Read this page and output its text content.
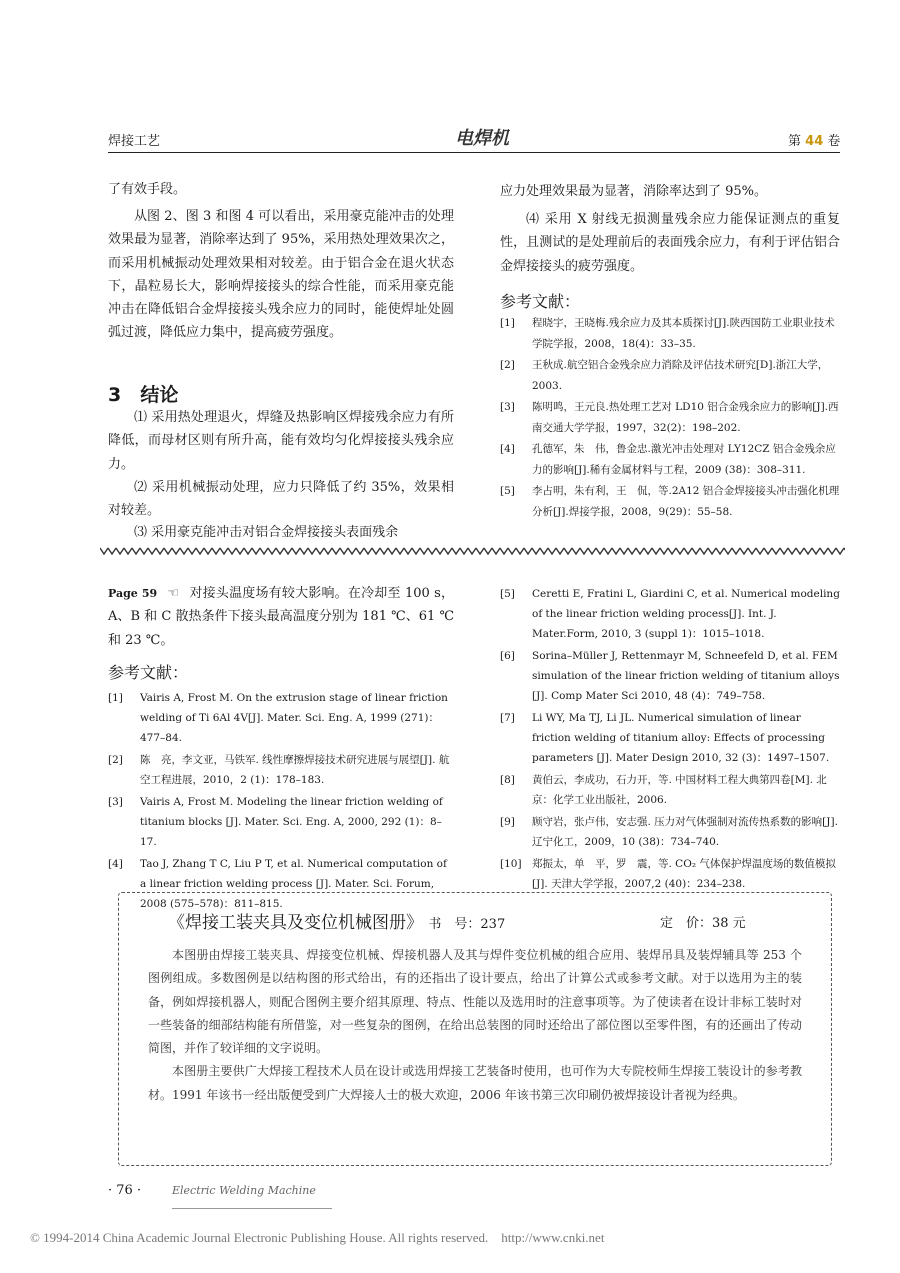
焊接工艺	电焊机	第 44 卷
了有效手段。
从图 2、图 3 和图 4 可以看出，采用豪克能冲击的处理效果最为显著，消除率达到了 95%，采用热处理效果次之，而采用机械振动处理效果相对较差。由于铝合金在退火状态下，晶粒易长大，影响焊接接头的综合性能，而采用豪克能冲击在降低铝合金焊接接头残余应力的同时，能使焊址处圆弧过渡，降低应力集中，提高疲劳强度。
3 结论
⑴ 采用热处理退火，焊缝及热影响区焊接残余应力有所降低，而母材区则有所升高，能有效均匀化焊接接头残余应力。
⑵ 采用机械振动处理，应力只降低了约 35%，效果相对较差。
⑶ 采用豪克能冲击对铝合金焊接接头表面残余
应力处理效果最为显著，消除率达到了 95%。
⑷ 采用 X 射线无损测量残余应力能保证测点的重复性，且测试的是处理前后的表面残余应力，有利于评估铝合金焊接接头的疲劳强度。
参考文献：
[1]	程晓宇，王晓梅.残余应力及其本质探讨[J].陕西国防工业职业技术学院学报，2008，18(4)：33–35.
[2]	王秋成.航空铝合金残余应力消除及评估技术研究[D].浙江大学，2003.
[3]	陈明鸣，王元良.热处理工艺对 LD10 铝合金残余应力的影响[J].西南交通大学学报，1997，32(2)：198–202.
[4]	孔德军，朱　伟，鲁金忠.激光冲击处理对 LY12CZ 铝合金残余应力的影响[J].稀有金属材料与工程，2009 (38)：308–311.
[5]	李占明，朱有利，王　侃，等.2A12 铝合金焊接接头冲击强化机理分析[J].焊接学报，2008，9(29)：55–58.
Page 59 ☜ 对接头温度场有较大影响。在冷却至 100 s，A、B 和 C 散热条件下接头最高温度分别为 181 ℃、61 ℃和 23 ℃。
参考文献：
[1]	Vairis A, Frost M. On the extrusion stage of linear friction welding of Ti 6Al 4V[J]. Mater. Sci. Eng. A, 1999 (271)：477–84.
[2]	陈　亮，李文亚，马铁军. 线性摩擦焊接技术研究进展与展望[J]. 航空工程进展，2010，2 (1)：178–183.
[3]	Vairis A, Frost M. Modeling the linear friction welding of titanium blocks [J]. Mater. Sci. Eng. A, 2000, 292 (1)：8–17.
[4]	Tao J, Zhang T C, Liu P T, et al. Numerical computation of a linear friction welding process [J]. Mater. Sci. Forum, 2008 (575–578)：811–815.
[5]	Ceretti E, Fratini L, Giardini C, et al. Numerical modeling of the linear friction welding process[J]. Int. J. Mater.Form, 2010, 3 (suppl 1)：1015–1018.
[6]	Sorina–Müller J, Rettenmayr M, Schneefeld D, et al. FEM simulation of the linear friction welding of titanium alloys [J]. Comp Mater Sci 2010, 48 (4)：749–758.
[7]	Li WY, Ma TJ, Li JL. Numerical simulation of linear friction welding of titanium alloy: Effects of processing parameters [J]. Mater Design 2010, 32 (3)：1497–1507.
[8]	黄伯云，李成功，石力开，等. 中国材料工程大典第四卷[M]. 北京：化学工业出版社，2006.
[9]	顾守岩，张卢伟，安志强. 压力对气体强制对流传热系数的影响[J]. 辽宁化工，2009，10 (38)：734–740.
[10] 郑振太，单　平，罗　震，等. CO₂ 气体保护焊温度场的数值模拟[J]. 天津大学学报，2007,2 (40)：234–238.
《焊接工装夹具及变位机械图册》 书　号：237	定　价：38 元

本图册由焊接工装夹具、焊接变位机械、焊接机器人及其与焊件变位机械的组合应用、装焊吊具及装焊辅具等 253 个图例组成。多数图例是以结构图的形式给出，有的还指出了设计要点，给出了计算公式或参考文献。对于以选用为主的装备，例如焊接机器人，则配合图例主要介绍其原理、特点、性能以及选用时的注意事项等。为了使读者在设计非标工装时对一些装备的细部结构能有所借鉴，对一些复杂的图例，在给出总装图的同时还给出了部位图以至零件图，有的还画出了传动简图，并作了较详细的文字说明。

本图册主要供广大焊接工程技术人员在设计或选用焊接工艺装备时使用，也可作为大专院校师生焊接工装设计的参考教材。1991 年该书一经出版便受到广大焊接人士的极大欢迎，2006 年该书第三次印刷仍被焊接设计者视为经典。

· 76 ·	Electric Welding Machine
© 1994-2014 China Academic Journal Electronic Publishing House. All rights reserved.    http://www.cnki.net
